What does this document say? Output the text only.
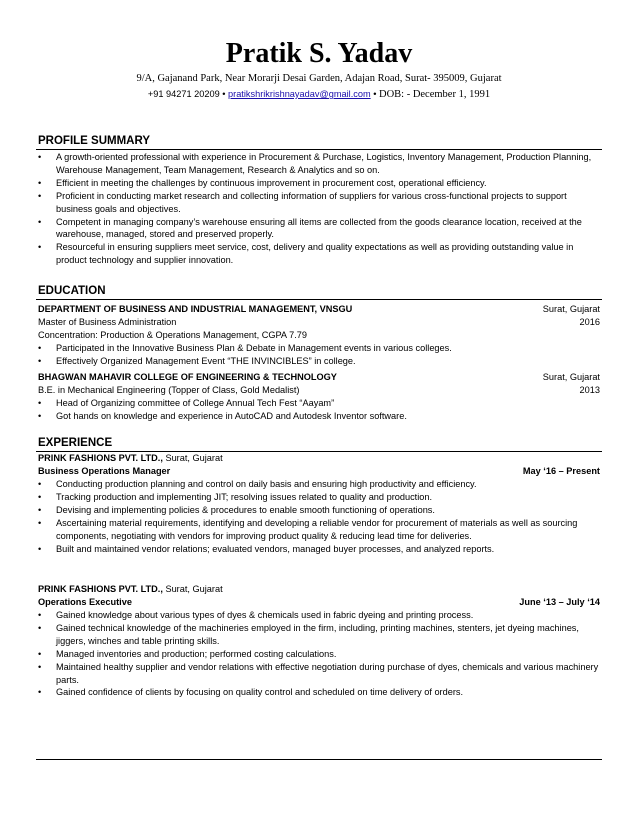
Pratik S. Yadav
9/A, Gajanand Park, Near Morarji Desai Garden, Adajan Road, Surat- 395009, Gujarat
+91 94271 20209 • pratikshrikrishnayadav@gmail.com • DOB: - December 1, 1991
PROFILE SUMMARY
• A growth-oriented professional with experience in Procurement & Purchase, Logistics, Inventory Management, Production Planning, Warehouse Management, Team Management, Research & Analytics and so on.
• Efficient in meeting the challenges by continuous improvement in procurement cost, operational efficiency.
• Proficient in conducting market research and collecting information of suppliers for various cross-functional projects to support business goals and objectives.
• Competent in managing company’s warehouse ensuring all items are collected from the goods clearance location, received at the warehouse, managed, stored and preserved properly.
• Resourceful in ensuring suppliers meet service, cost, delivery and quality expectations as well as providing outstanding value in product technology and supplier innovation.
EDUCATION
DEPARTMENT OF BUSINESS AND INDUSTRIAL MANAGEMENT, VNSGU	Surat, Gujarat
Master of Business Administration	2016
Concentration: Production & Operations Management, CGPA 7.79
• Participated in the Innovative Business Plan & Debate in Management events in various colleges.
• Effectively Organized Management Event “THE INVINCIBLES” in college.
BHAGWAN MAHAVIR COLLEGE OF ENGINEERING & TECHNOLOGY	Surat, Gujarat
B.E. in Mechanical Engineering (Topper of Class, Gold Medalist)	2013
• Head of Organizing committee of College Annual Tech Fest “Aayam”
• Got hands on knowledge and experience in AutoCAD and Autodesk Inventor software.
EXPERIENCE
PRINK FASHIONS PVT. LTD., Surat, Gujarat
Business Operations Manager	May ‘16 – Present
• Conducting production planning and control on daily basis and ensuring high productivity and efficiency.
• Tracking production and implementing JIT; resolving issues related to quality and production.
• Devising and implementing policies & procedures to enable smooth functioning of operations.
• Ascertaining material requirements, identifying and developing a reliable vendor for procurement of materials as well as sourcing components, negotiating with vendors for improving product quality & reducing lead time for deliveries.
• Built and maintained vendor relations; evaluated vendors, managed buyer processes, and analyzed reports.
PRINK FASHIONS PVT. LTD., Surat, Gujarat
Operations Executive	June ‘13 – July ‘14
• Gained knowledge about various types of dyes & chemicals used in fabric dyeing and printing process.
• Gained technical knowledge of the machineries employed in the firm, including, printing machines, stenters, jet dyeing machines, jiggers, winches and table printing skills.
• Managed inventories and production; performed costing calculations.
• Maintained healthy supplier and vendor relations with effective negotiation during purchase of dyes, chemicals and various machinery parts.
• Gained confidence of clients by focusing on quality control and scheduled on time delivery of orders.
